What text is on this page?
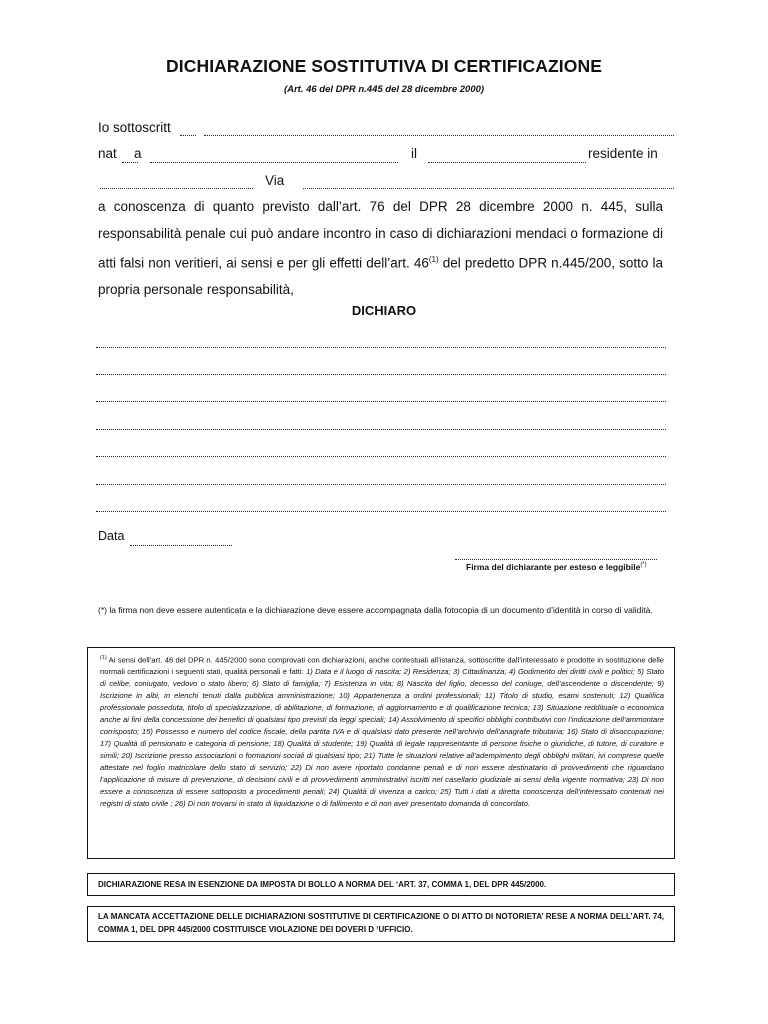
DICHIARAZIONE SOSTITUTIVA DI CERTIFICAZIONE
(Art. 46 del DPR n.445 del 28 dicembre 2000)
Io sottoscritt
nat a	il	residente in
Via
a conoscenza di quanto previsto dall’art. 76 del DPR 28 dicembre 2000 n. 445, sulla responsabilità penale cui può andare incontro in caso di dichiarazioni mendaci o formazione di atti falsi non veritieri, ai sensi e per gli effetti dell’art. 46$^{(1)}$ del predetto DPR n.445/200, sotto la propria personale responsabilità,
DICHIARO
Data
Firma del dichiarante per esteso e leggibile(*)
(*) la firma non deve essere autenticata e la dichiarazione deve essere accompagnata dalla fotocopia di un documento d’identità in corso di validità.
$^{(1)}$ Ai sensi dell’art. 46 del DPR n. 445/2000 sono comprovati con dichiarazioni, anche contestuali all’istanza, sottoscritte dall’interessato e prodotte in sostituzione delle normali certificazioni i seguenti stati, qualità personali e fatti: 1) Data e il luogo di nascita; 2) Residenza; 3) Cittadinanza; 4) Godimento dei diritti civili e politici; 5) Stato di celibe, coniugato, vedovo o stato libero; 6) Stato di famiglia; 7) Esistenza in vita; 8) Nascita del figlio, decesso del coniuge, dell’ascendente o discendente; 9) Iscrizione in albi, in elenchi tenuti dalla pubblica amministrazione; 10) Appartenenza a ordini professionali; 11) Titolo di studio, esami sostenuti; 12) Qualifica professionale posseduta, titolo di specializzazione, di abilitazione, di formazione, di aggiornamento e di qualificazione tecnica; 13) Situazione reddituale o economica anche ai fini della concessione dei benefici di qualsiasi tipo previsti da leggi speciali; 14) Assolvimento di specifici obblighi contributivi con l’indicazione dell’ammontare corrisposto; 15) Possesso e numero del codice fiscale, della partita IVA e di qualsiasi dato presente nell’archivio dell’anagrafe tributaria; 16) Stato di disoccupazione; 17) Qualità di pensionato e categoria di pensione; 18) Qualità di studente; 19) Qualità di legale rappresentante di persone fisiche o giuridiche, di tutore, di curatore e simili; 20) Iscrizione presso associazioni o formazioni sociali di qualsiasi tipo; 21) Tutte le situazioni relative all’adempimento degli obblighi militari, ivi comprese quelle attestate nel foglio matricolare dello stato di servizio; 22) Di non avere riportato condanne penali e di non essere destinatario di provvedimenti che riguardano l’applicazione di misure di prevenzione, di decisioni civili e di provvedimenti amministrativi iscritti nel casellario giudiziale ai sensi della vigente normativa; 23) Di non essere a conoscenza di essere sottoposto a procedimenti penali; 24) Qualità di vivenza a carico; 25) Tutti i dati a diretta conoscenza dell’interessato contenuti nei registri di stato civile ; 26) Di non trovarsi in stato di liquidazione o di fallimento e di non aver presentato domanda di concordato.
DICHIARAZIONE RESA IN ESENZIONE DA IMPOSTA DI BOLLO A NORMA DEL ‘ART. 37, COMMA 1, DEL DPR 445/2000.
LA MANCATA ACCETTAZIONE DELLE DICHIARAZIONI SOSTITUTIVE DI CERTIFICAZIONE O DI ATTO DI NOTORIETA’ RESE A NORMA DELL’ART. 74, COMMA 1, DEL DPR 445/2000 COSTITUISCE VIOLAZIONE DEI DOVERI D ‘UFFICIO.
